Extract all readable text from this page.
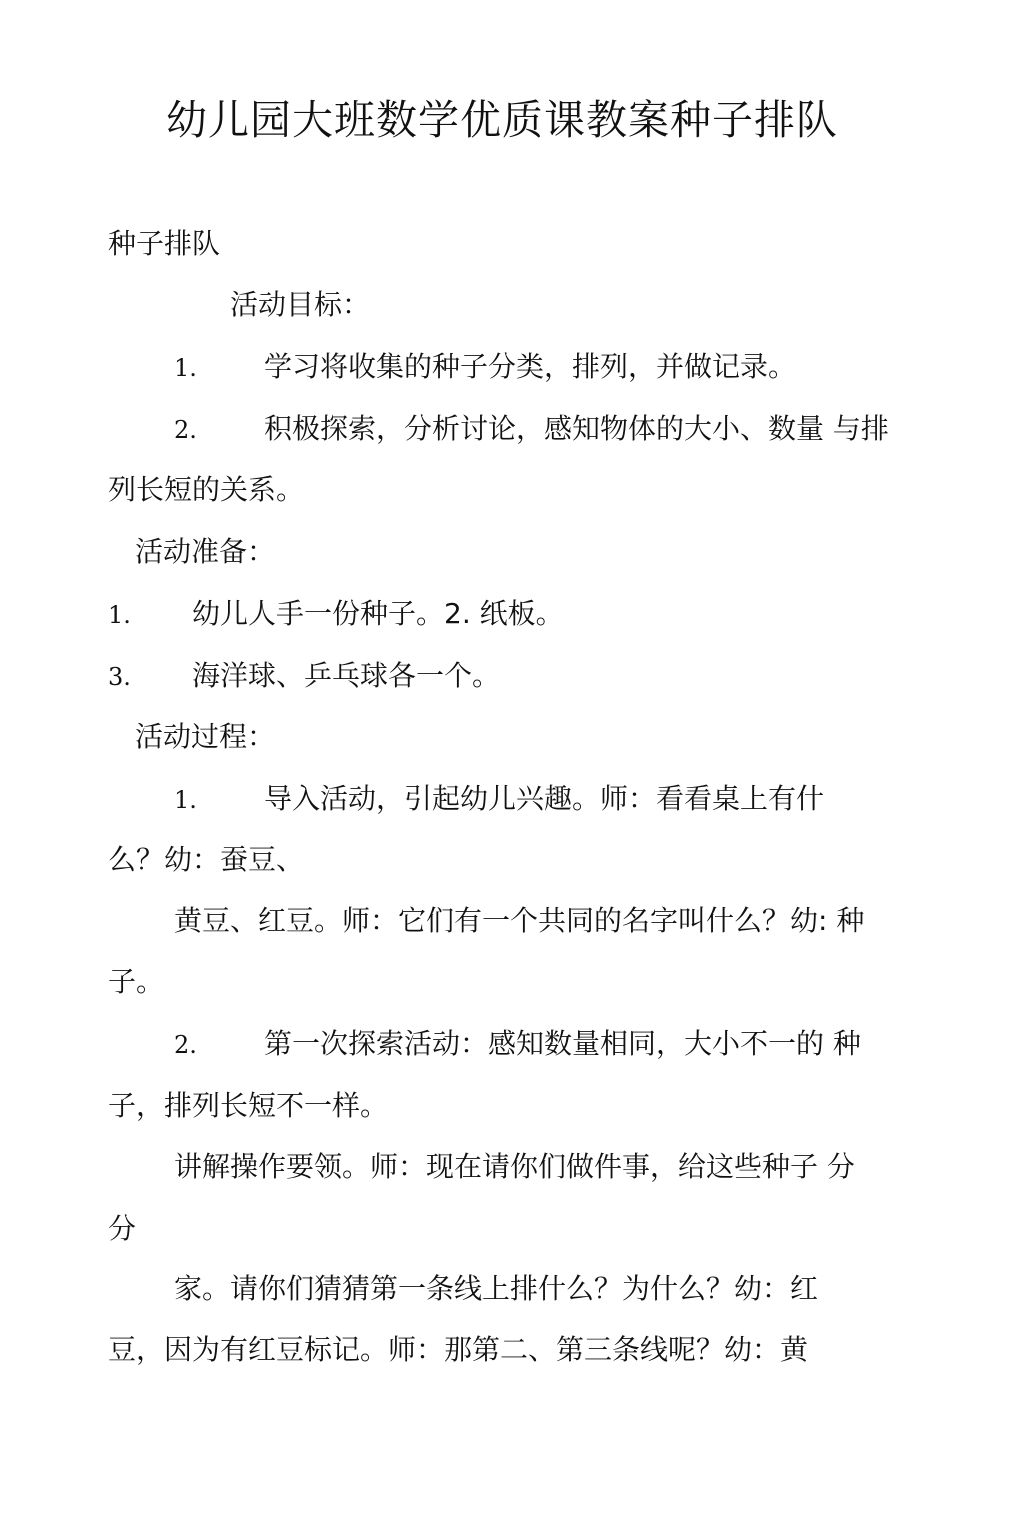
幼儿园大班数学优质课教案种子排队
种子排队
活动目标：
1. 学习将收集的种子分类，排列，并做记录。
2. 积极探索，分析讨论，感知物体的大小、数量 与排
列长短的关系。
活动准备：
1. 幼儿人手一份种子。2. 纸板。
3. 海洋球、乒乓球各一个。
活动过程：
1. 导入活动，引起幼儿兴趣。师：看看桌上有什
么？幼：蚕豆、
黄豆、红豆。师：它们有一个共同的名字叫什么？幼: 种
子。
2. 第一次探索活动：感知数量相同，大小不一的 种
子，排列长短不一样。
讲解操作要领。师：现在请你们做件事，给这些种子 分
分
家。请你们猜猜第一条线上排什么？为什么？幼：红
豆，因为有红豆标记。师：那第二、第三条线呢？幼：黄
